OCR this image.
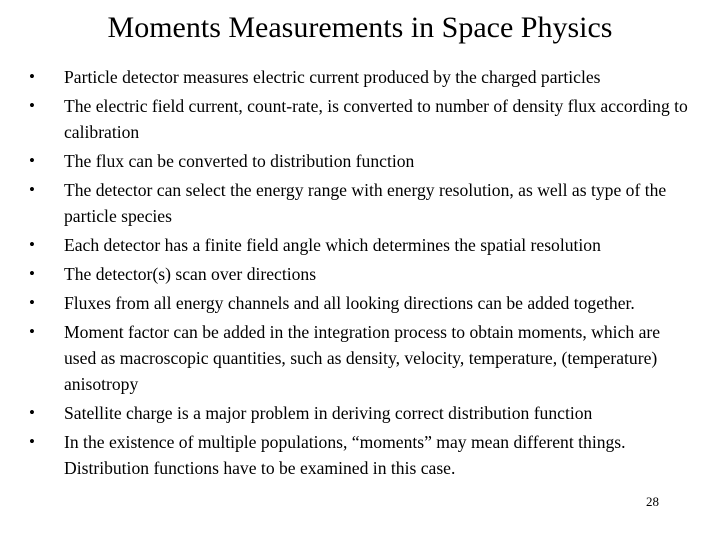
Moments Measurements in Space Physics
• Particle detector measures electric current produced by the charged particles
• The electric field current, count-rate, is converted to number of density flux according to calibration
• The flux can be converted to distribution function
• The detector can select the energy range with energy resolution, as well as type of the particle species
• Each detector has a finite field angle which determines the spatial resolution
• The detector(s) scan over directions
• Fluxes from all energy channels and all looking directions can be added together.
• Moment factor can be added in the integration process to obtain moments, which are used as macroscopic quantities, such as density, velocity, temperature, (temperature) anisotropy
• Satellite charge is a major problem in deriving correct distribution function
• In the existence of multiple populations, “moments” may mean different things. Distribution functions have to be examined in this case.
28
